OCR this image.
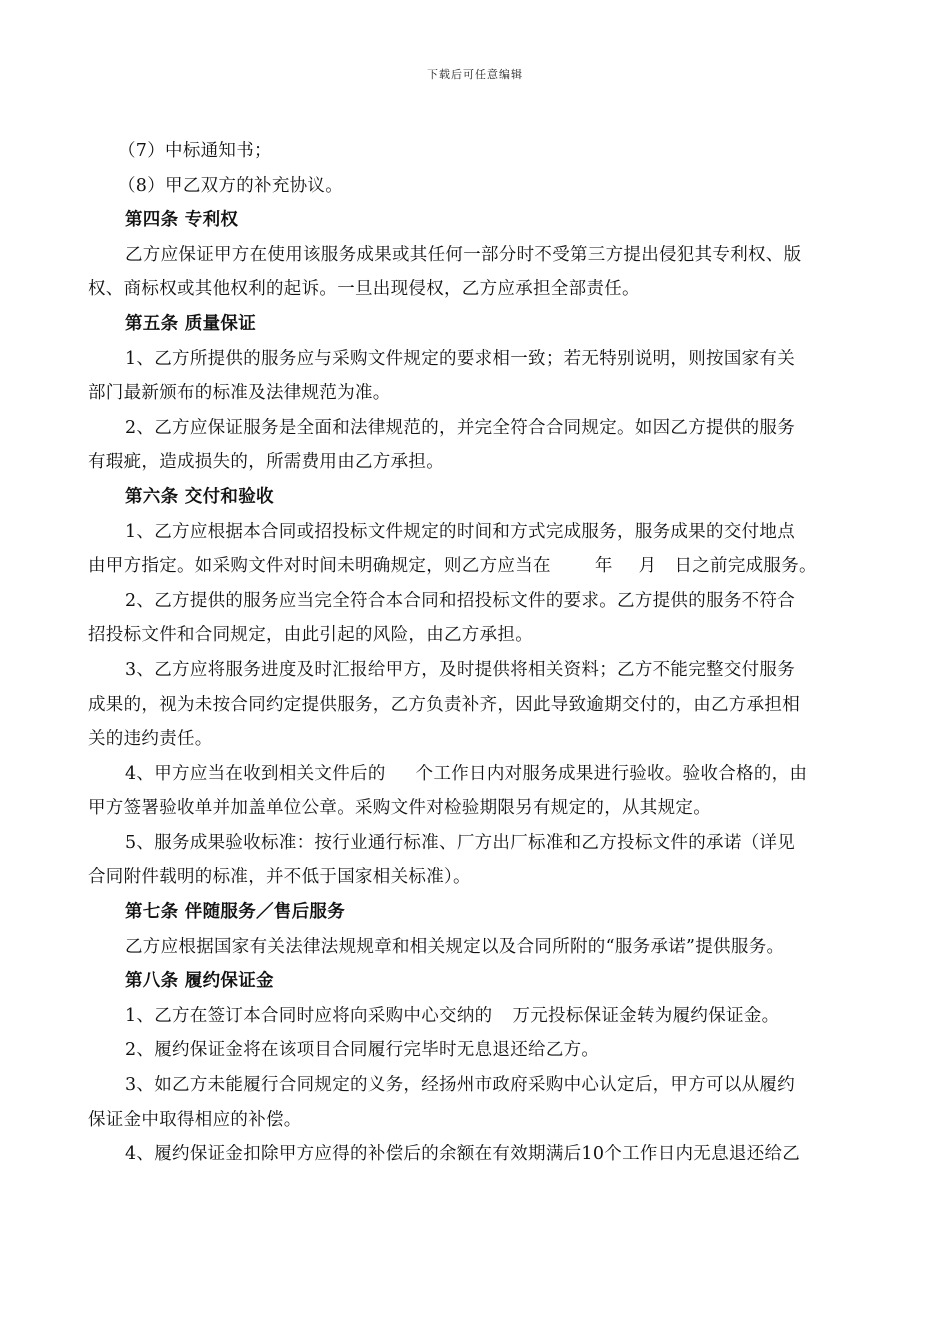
下载后可任意编辑
（7）中标通知书；
（8）甲乙双方的补充协议。
第四条 专利权
乙方应保证甲方在使用该服务成果或其任何一部分时不受第三方提出侵犯其专利权、版
权、商标权或其他权利的起诉。一旦出现侵权，乙方应承担全部责任。
第五条 质量保证
1、乙方所提供的服务应与采购文件规定的要求相一致；若无特别说明，则按国家有关
部门最新颁布的标准及法律规范为准。
2、乙方应保证服务是全面和法律规范的，并完全符合合同规定。如因乙方提供的服务
有瑕疵，造成损失的，所需费用由乙方承担。
第六条 交付和验收
1、乙方应根据本合同或招投标文件规定的时间和方式完成服务，服务成果的交付地点
由甲方指定。如采购文件对时间未明确规定，则乙方应当在	年 月 日之前完成服务。
2、乙方提供的服务应当完全符合本合同和招投标文件的要求。乙方提供的服务不符合
招投标文件和合同规定，由此引起的风险，由乙方承担。
3、乙方应将服务进度及时汇报给甲方，及时提供将相关资料；乙方不能完整交付服务
成果的，视为未按合同约定提供服务，乙方负责补齐，因此导致逾期交付的，由乙方承担相
关的违约责任。
4、甲方应当在收到相关文件后的 个工作日内对服务成果进行验收。验收合格的，由
甲方签署验收单并加盖单位公章。采购文件对检验期限另有规定的，从其规定。
5、服务成果验收标准：按行业通行标准、厂方出厂标准和乙方投标文件的承诺（详见
合同附件载明的标准，并不低于国家相关标准）。
第七条 伴随服务／售后服务
乙方应根据国家有关法律法规规章和相关规定以及合同所附的“服务承诺”提供服务。
第八条 履约保证金
1、乙方在签订本合同时应将向采购中心交纳的 万元投标保证金转为履约保证金。
2、履约保证金将在该项目合同履行完毕时无息退还给乙方。
3、如乙方未能履行合同规定的义务，经扬州市政府采购中心认定后，甲方可以从履约
保证金中取得相应的补偿。
4、履约保证金扣除甲方应得的补偿后的余额在有效期满后10个工作日内无息退还给乙
